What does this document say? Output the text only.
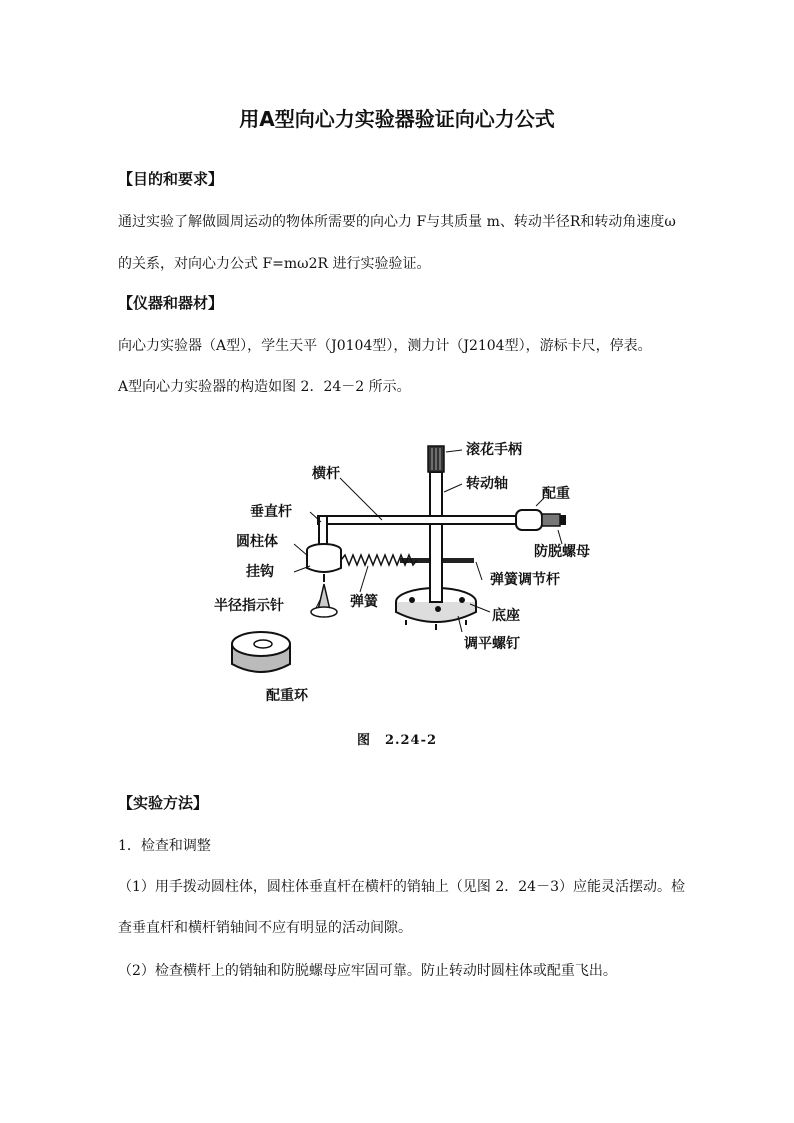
用A型向心力实验器验证向心力公式
【目的和要求】
通过实验了解做圆周运动的物体所需要的向心力 F与其质量 m、转动半径R和转动角速度ω
的关系，对向心力公式 F=mω2R 进行实验验证。
【仪器和器材】
向心力实验器（A型），学生天平（J0104型），测力计（J2104型），游标卡尺，停表。
A型向心力实验器的构造如图 2．24－2 所示。
滚花手柄
横杆
转动轴
配重
垂直杆
圆柱体
防脱螺母
挂钩	弹簧调节杆
弹簧
半径指示针
底座
调平螺钉
配重环
图　2.24-2
【实验方法】
1．检查和调整
（1）用手拨动圆柱体，圆柱体垂直杆在横杆的销轴上（见图 2．24－3）应能灵活摆动。检
查垂直杆和横杆销轴间不应有明显的活动间隙。
（2）检查横杆上的销轴和防脱螺母应牢固可靠。防止转动时圆柱体或配重飞出。
